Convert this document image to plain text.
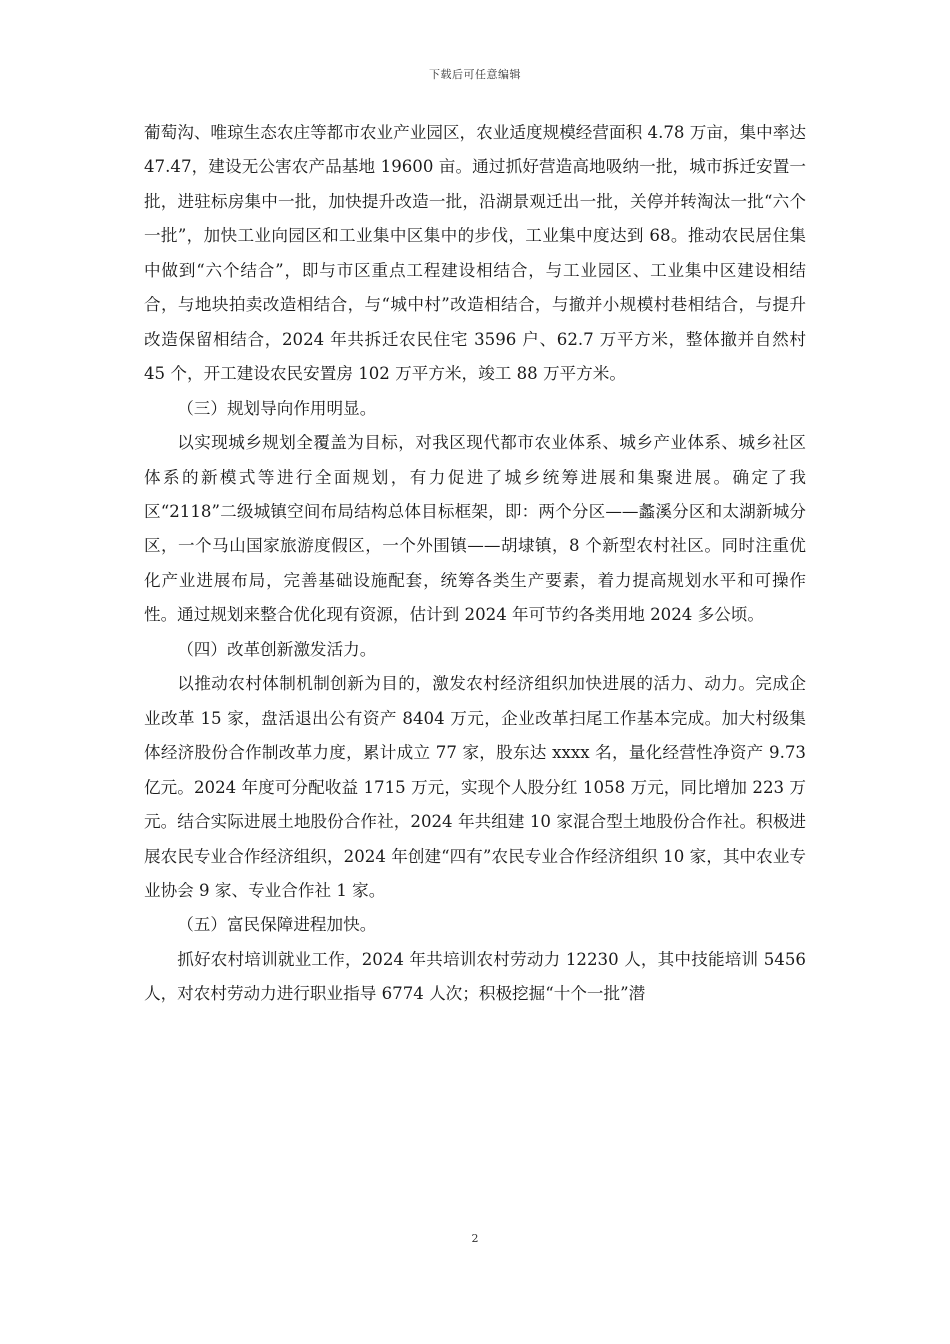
下载后可任意编辑

葡萄沟、唯琼生态农庄等都市农业产业园区，农业适度规模经营面积 4.78 万亩，集中率达 47.47，建设无公害农产品基地 19600 亩。通过抓好营造高地吸纳一批，城市拆迁安置一批，进驻标房集中一批，加快提升改造一批，沿湖景观迁出一批，关停并转淘汰一批“六个一批”，加快工业向园区和工业集中区集中的步伐，工业集中度达到 68。推动农民居住集中做到“六个结合”，即与市区重点工程建设相结合，与工业园区、工业集中区建设相结合，与地块拍卖改造相结合，与“城中村”改造相结合，与撤并小规模村巷相结合，与提升改造保留相结合，2024 年共拆迁农民住宅 3596 户、62.7 万平方米，整体撤并自然村 45 个，开工建设农民安置房 102 万平方米，竣工 88 万平方米。

（三）规划导向作用明显。

以实现城乡规划全覆盖为目标，对我区现代都市农业体系、城乡产业体系、城乡社区体系的新模式等进行全面规划，有力促进了城乡统筹进展和集聚进展。确定了我区“2118”二级城镇空间布局结构总体目标框架，即：两个分区——蠡溪分区和太湖新城分区，一个马山国家旅游度假区，一个外围镇——胡埭镇，8 个新型农村社区。同时注重优化产业进展布局，完善基础设施配套，统筹各类生产要素，着力提高规划水平和可操作性。通过规划来整合优化现有资源，估计到 2024 年可节约各类用地 2024 多公顷。

（四）改革创新激发活力。

以推动农村体制机制创新为目的，激发农村经济组织加快进展的活力、动力。完成企业改革 15 家，盘活退出公有资产 8404 万元，企业改革扫尾工作基本完成。加大村级集体经济股份合作制改革力度，累计成立 77 家，股东达 xxxx 名，量化经营性净资产 9.73 亿元。2024 年度可分配收益 1715 万元，实现个人股分红 1058 万元，同比增加 223 万元。结合实际进展土地股份合作社，2024 年共组建 10 家混合型土地股份合作社。积极进展农民专业合作经济组织，2024 年创建“四有”农民专业合作经济组织 10 家，其中农业专业协会 9 家、专业合作社 1 家。

（五）富民保障进程加快。

抓好农村培训就业工作，2024 年共培训农村劳动力 12230 人，其中技能培训 5456 人，对农村劳动力进行职业指导 6774 人次；积极挖掘“十个一批”潜

2
